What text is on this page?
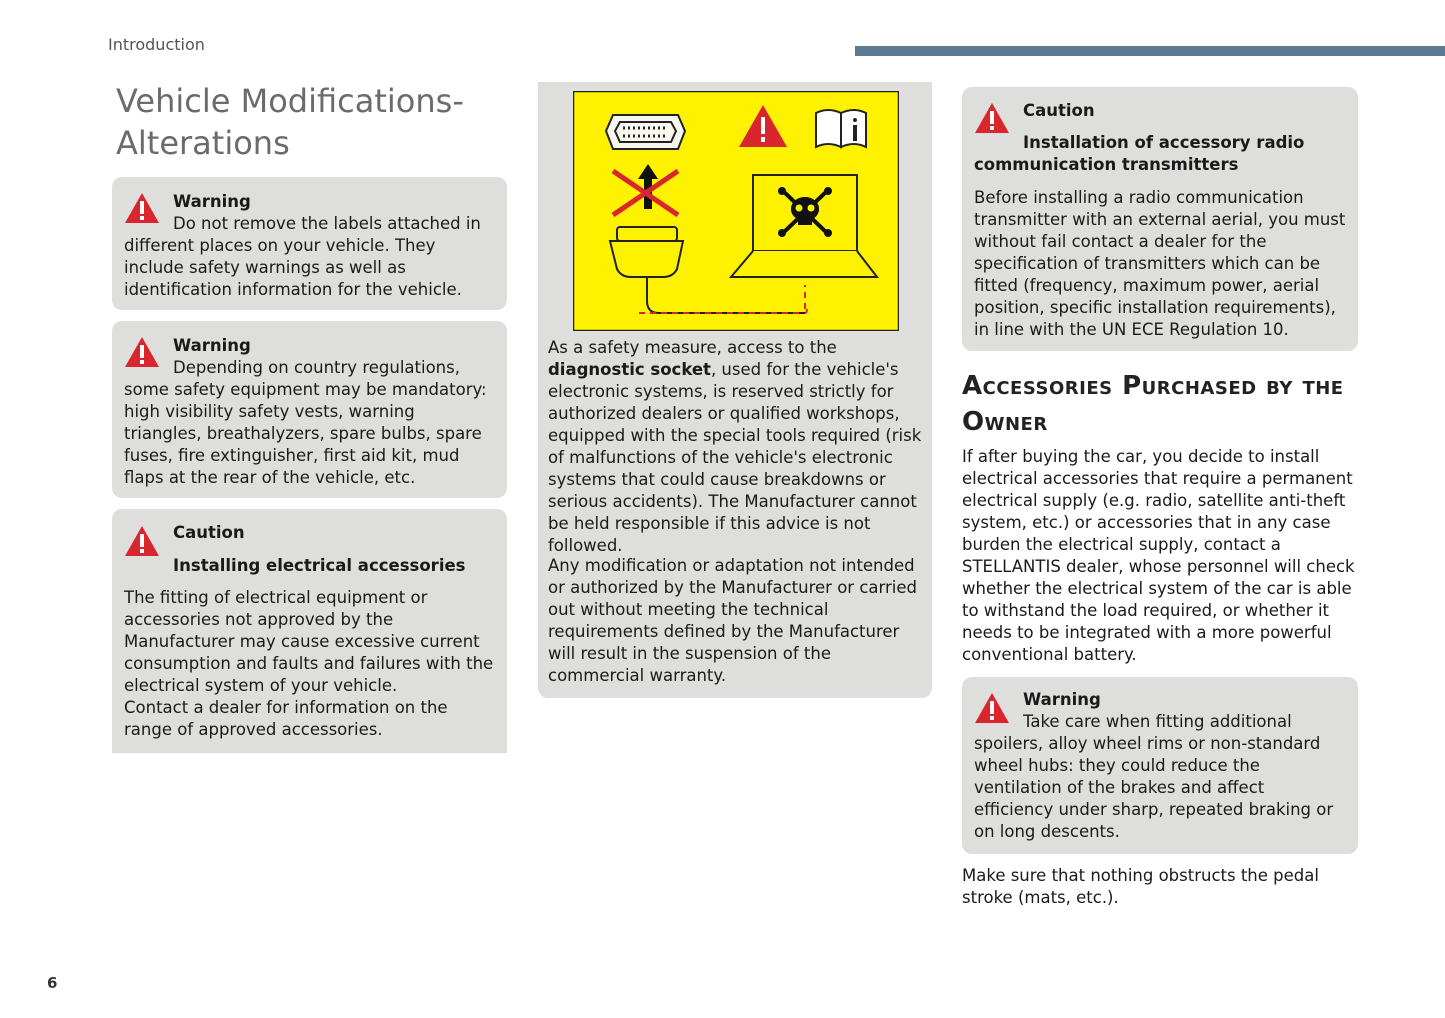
Introduction
Vehicle Modifications-Alterations

Warning

Do not remove the labels attached in different places on your vehicle. They include safety warnings as well as identification information for the vehicle.

Warning

Depending on country regulations, some safety equipment may be mandatory: high visibility safety vests, warning triangles, breathalyzers, spare bulbs, spare fuses, fire extinguisher, first aid kit, mud flaps at the rear of the vehicle, etc.

Caution

Installing electrical accessories

The fitting of electrical equipment or accessories not approved by the Manufacturer may cause excessive current consumption and faults and failures with the electrical system of your vehicle.

Contact a dealer for information on the range of approved accessories.

As a safety measure, access to the diagnostic socket, used for the vehicle's electronic systems, is reserved strictly for authorized dealers or qualified workshops, equipped with the special tools required (risk of malfunctions of the vehicle's electronic systems that could cause breakdowns or serious accidents). The Manufacturer cannot be held responsible if this advice is not followed.

Any modification or adaptation not intended or authorized by the Manufacturer or carried out without meeting the technical requirements defined by the Manufacturer will result in the suspension of the commercial warranty.

Caution

Installation of accessory radio communication transmitters

Before installing a radio communication transmitter with an external aerial, you must without fail contact a dealer for the specification of transmitters which can be fitted (frequency, maximum power, aerial position, specific installation requirements), in line with the UN ECE Regulation 10.

Accessories Purchased by the Owner

If after buying the car, you decide to install electrical accessories that require a permanent electrical supply (e.g. radio, satellite anti-theft system, etc.) or accessories that in any case burden the electrical supply, contact a STELLANTIS dealer, whose personnel will check whether the electrical system of the car is able to withstand the load required, or whether it needs to be integrated with a more powerful conventional battery.

Warning

Take care when fitting additional spoilers, alloy wheel rims or non-standard wheel hubs: they could reduce the ventilation of the brakes and affect efficiency under sharp, repeated braking or on long descents.

Make sure that nothing obstructs the pedal stroke (mats, etc.).

6
